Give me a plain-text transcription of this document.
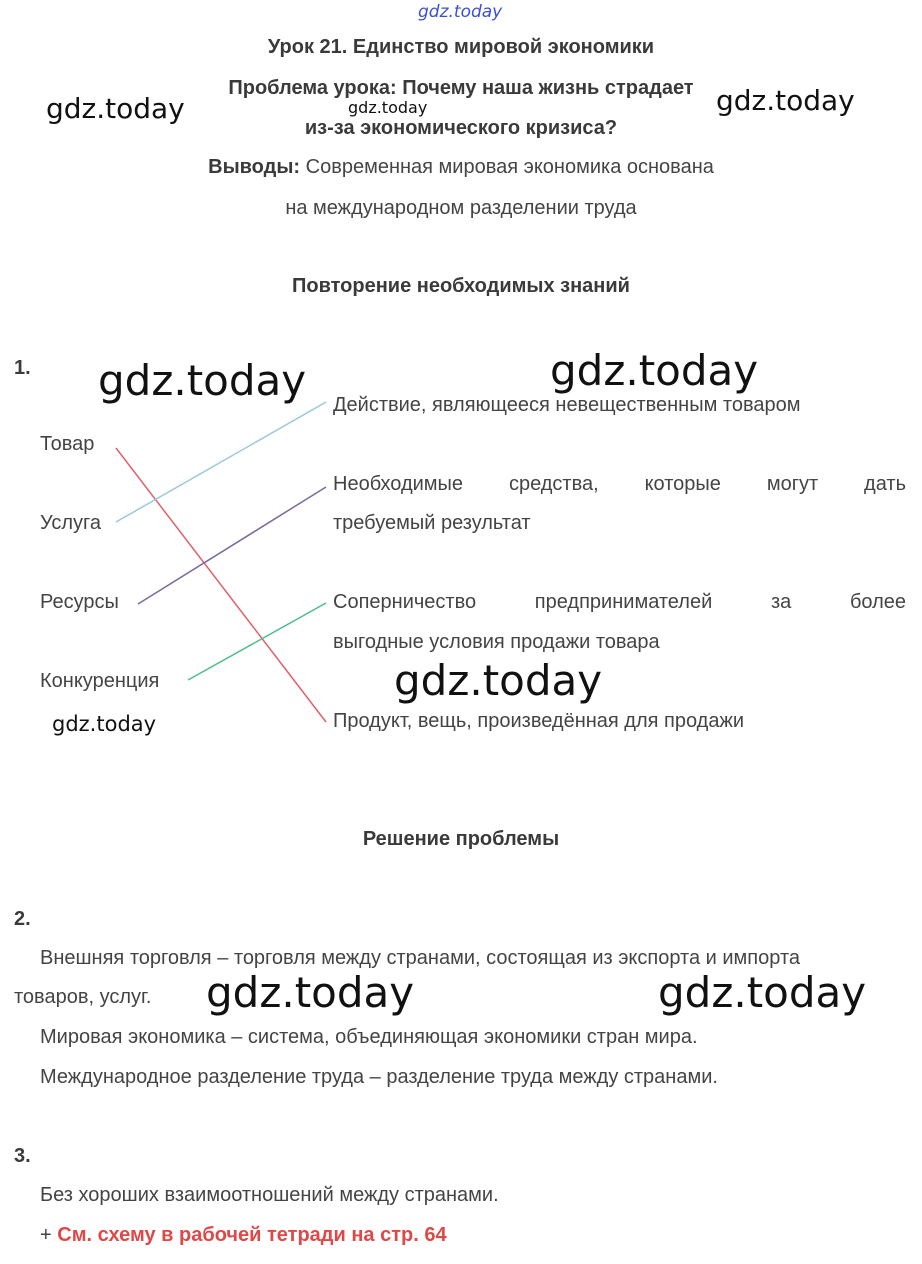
gdz.today
gdz.today	gdz.today	gdz.today
gdz.today	gdz.today
gdz.today
gdz.today
gdz.today	gdz.today
Урок 21. Единство мировой экономики
Проблема урока: Почему наша жизнь страдает
из-за экономического кризиса?
Выводы: Современная мировая экономика основана
на международном разделении труда
Повторение необходимых знаний
1.
Товар
Услуга
Ресурсы
Конкуренция
Действие, являющееся невещественным товаром
Необходимые средства, которые могут дать
требуемый результат
Соперничество предпринимателей за более
выгодные условия продажи товара
Продукт, вещь, произведённая для продажи
Решение проблемы
2.
Внешняя торговля – торговля между странами, состоящая из экспорта и импорта
товаров, услуг.
Мировая экономика – система, объединяющая экономики стран мира.
Международное разделение труда – разделение труда между странами.
3.
Без хороших взаимоотношений между странами.
+ См. схему в рабочей тетради на стр. 64
